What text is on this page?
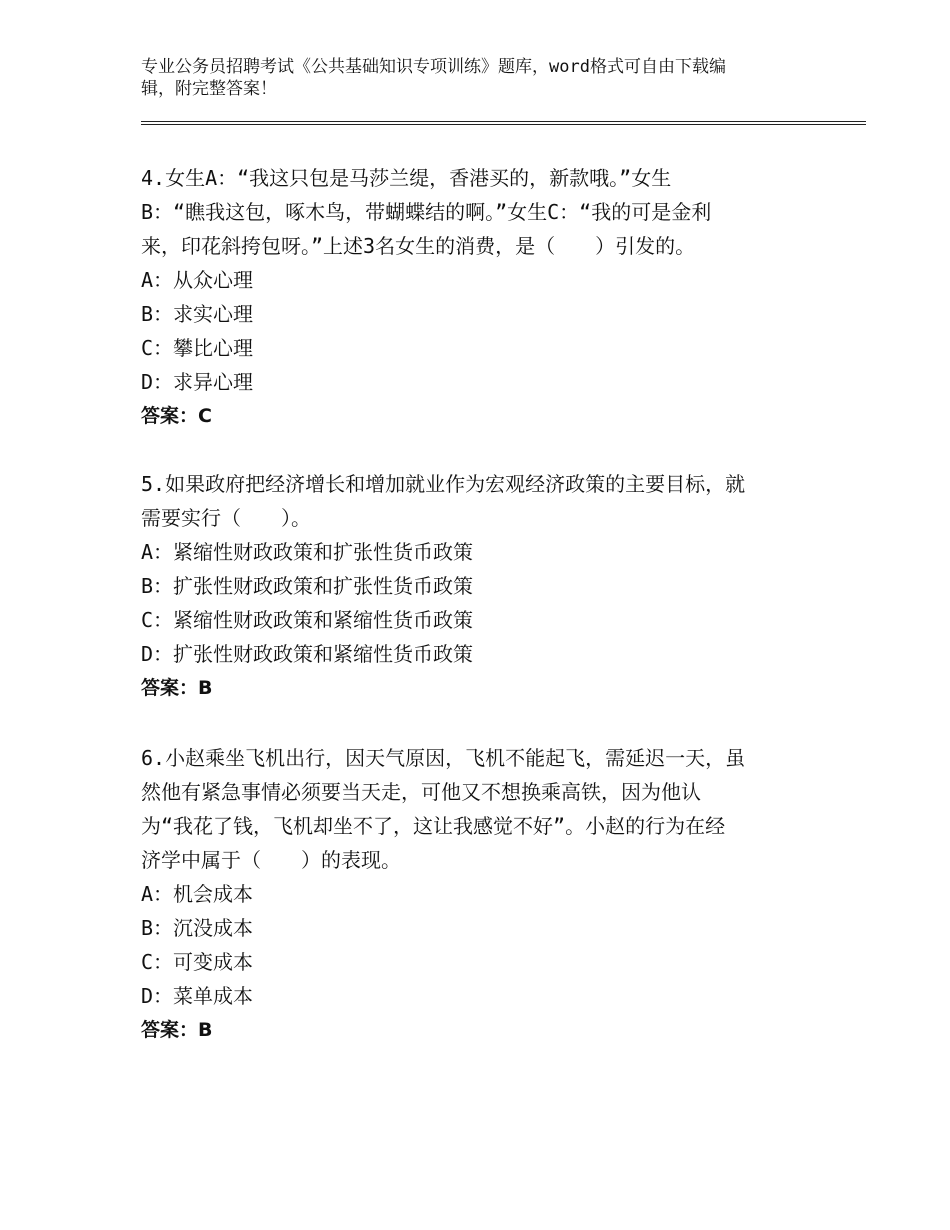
专业公务员招聘考试《公共基础知识专项训练》题库，word格式可自由下载编
辑，附完整答案！
4.女生A：“我这只包是马莎兰缇，香港买的，新款哦。”女生
B：“瞧我这包，啄木鸟，带蝴蝶结的啊。”女生C：“我的可是金利
来，印花斜挎包呀。”上述3名女生的消费，是（　　）引发的。
A：从众心理
B：求实心理
C：攀比心理
D：求异心理
答案：C
5.如果政府把经济增长和增加就业作为宏观经济政策的主要目标，就
需要实行（　　）。
A：紧缩性财政政策和扩张性货币政策
B：扩张性财政政策和扩张性货币政策
C：紧缩性财政政策和紧缩性货币政策
D：扩张性财政政策和紧缩性货币政策
答案：B
6.小赵乘坐飞机出行，因天气原因，飞机不能起飞，需延迟一天，虽
然他有紧急事情必须要当天走，可他又不想换乘高铁，因为他认
为“我花了钱，飞机却坐不了，这让我感觉不好”。小赵的行为在经
济学中属于（　　）的表现。
A：机会成本
B：沉没成本
C：可变成本
D：菜单成本
答案：B
